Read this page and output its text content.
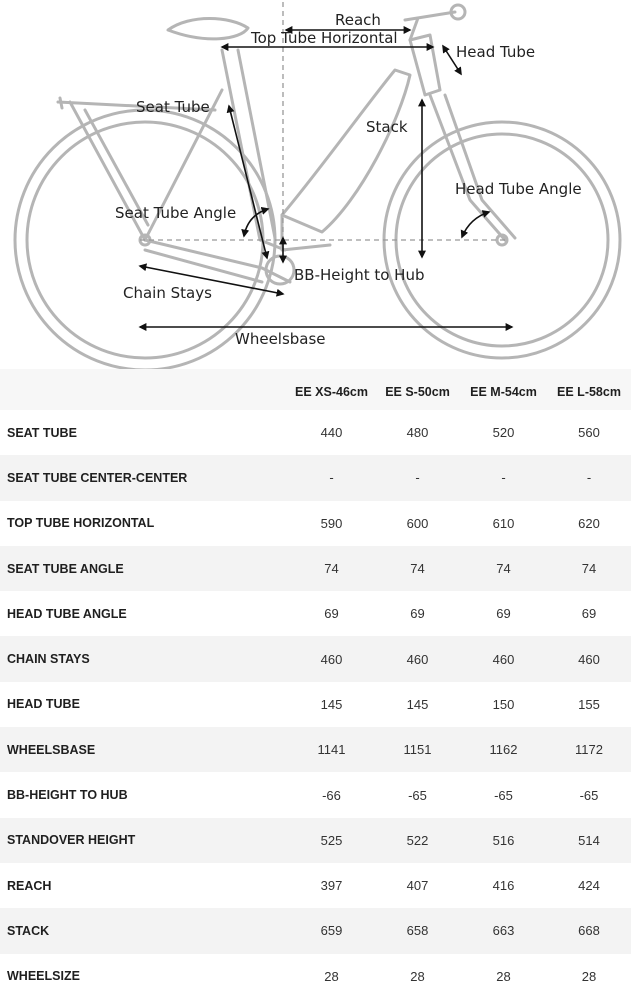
Reach
Top Tube Horizontal
Head Tube
Seat Tube
Stack
Head Tube Angle
Seat Tube Angle
BB-Height to Hub
Chain Stays
Wheelsbase
	EE XS-46cm	EE S-50cm	EE M-54cm	EE L-58cm
SEAT TUBE	440	480	520	560
SEAT TUBE CENTER-CENTER	-	-	-	-
TOP TUBE HORIZONTAL	590	600	610	620
SEAT TUBE ANGLE	74	74	74	74
HEAD TUBE ANGLE	69	69	69	69
CHAIN STAYS	460	460	460	460
HEAD TUBE	145	145	150	155
WHEELSBASE	1141	1151	1162	1172
BB-HEIGHT TO HUB	-66	-65	-65	-65
STANDOVER HEIGHT	525	522	516	514
REACH	397	407	416	424
STACK	659	658	663	668
WHEELSIZE	28	28	28	28
